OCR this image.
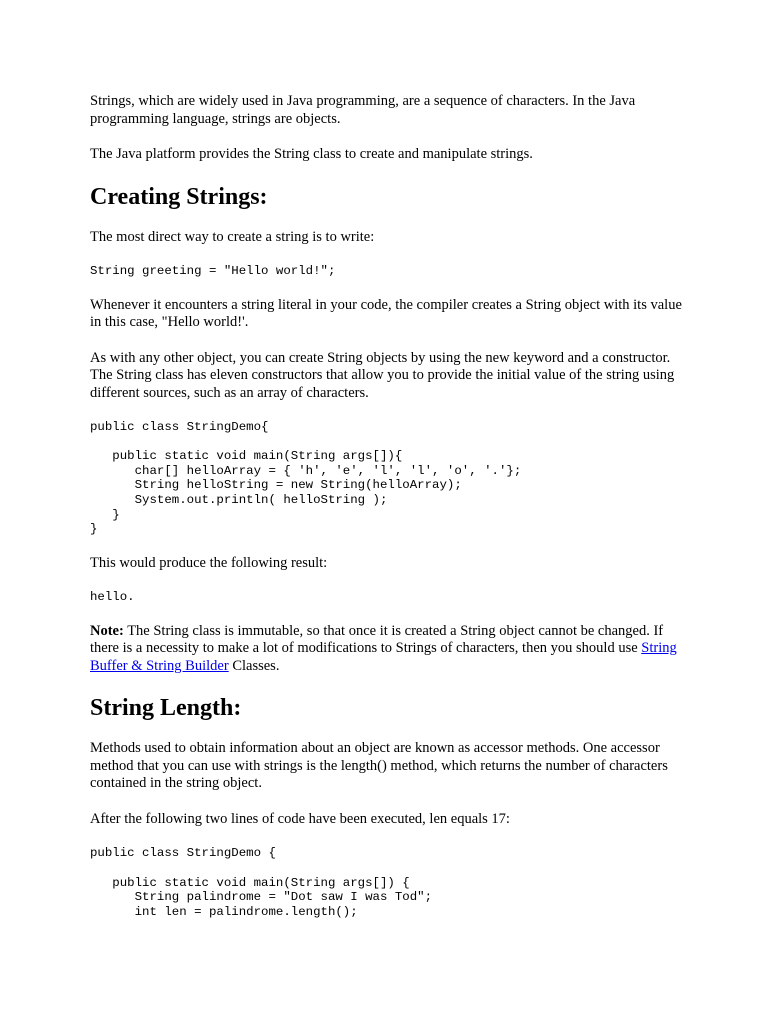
Strings, which are widely used in Java programming, are a sequence of characters. In the Java programming language, strings are objects.

The Java platform provides the String class to create and manipulate strings.

Creating Strings:

The most direct way to create a string is to write:

String greeting = "Hello world!";

Whenever it encounters a string literal in your code, the compiler creates a String object with its value in this case, "Hello world!'.

As with any other object, you can create String objects by using the new keyword and a constructor. The String class has eleven constructors that allow you to provide the initial value of the string using different sources, such as an array of characters.

public class StringDemo{

public static void main(String args[]){
char[] helloArray = { 'h', 'e', 'l', 'l', 'o', '.'};
String helloString = new String(helloArray);
System.out.println( helloString );
}
}

This would produce the following result:

hello.

Note: The String class is immutable, so that once it is created a String object cannot be changed. If there is a necessity to make a lot of modifications to Strings of characters, then you should use String Buffer & String Builder Classes.

String Length:

Methods used to obtain information about an object are known as accessor methods. One accessor method that you can use with strings is the length() method, which returns the number of characters contained in the string object.

After the following two lines of code have been executed, len equals 17:

public class StringDemo {

public static void main(String args[]) {
String palindrome = "Dot saw I was Tod";
int len = palindrome.length();
